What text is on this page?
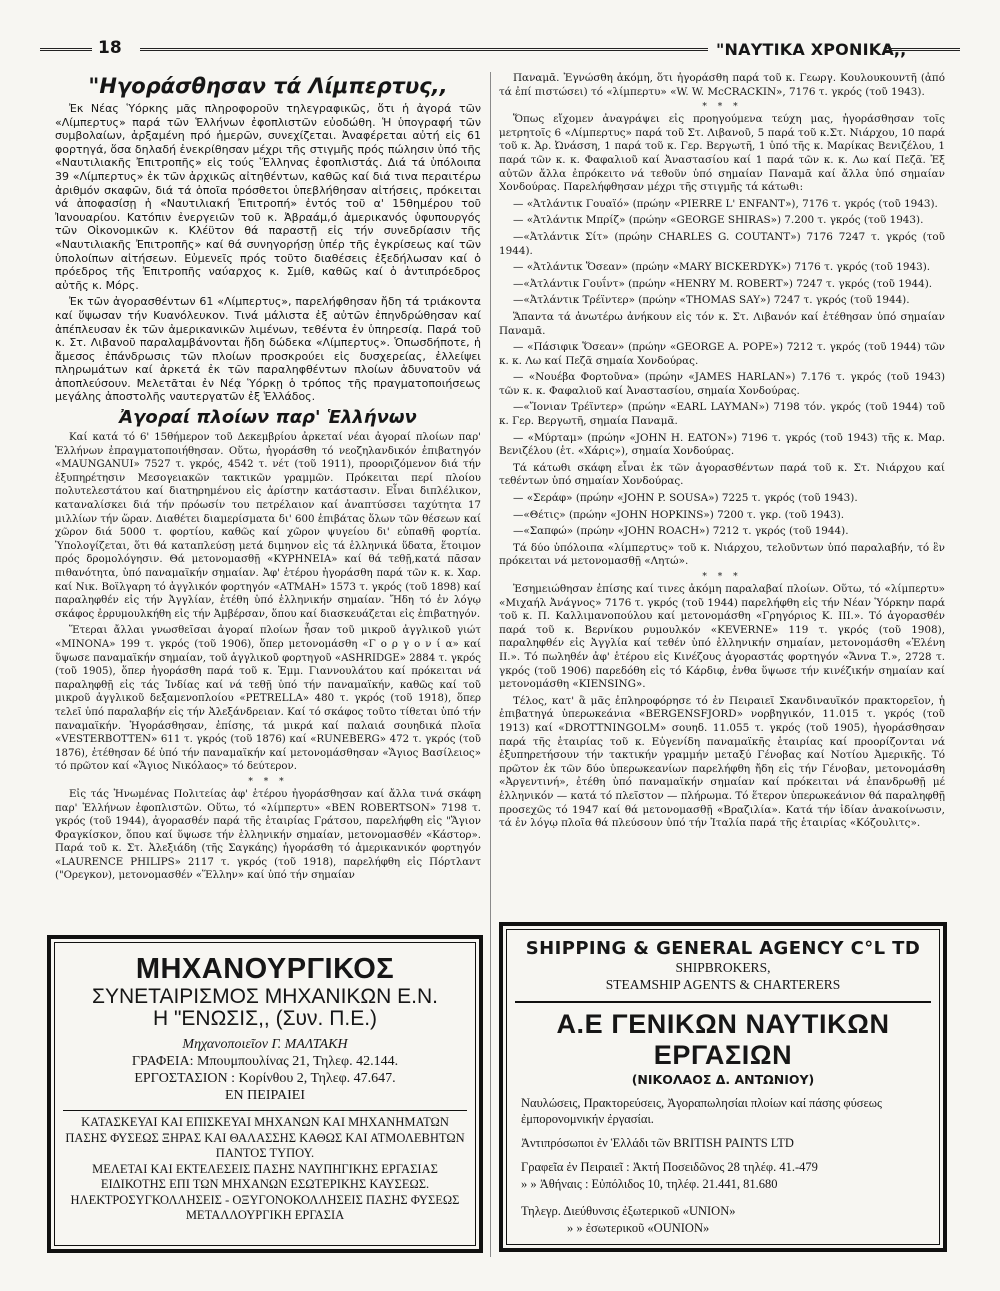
18	"ΝΑΥΤΙΚΑ ΧΡΟΝΙΚΑ,,
"Ηγοράσθησαν τά Λίμπερτυς,,

Ἐκ Νέας Ὑόρκης μᾶς πληροφοροῦν τηλεγραφικῶς, ὅτι ἡ ἀγορά τῶν «Λίμπερτυς» παρά τῶν Ἑλλήνων ἐφοπλιστῶν εὐοδώθη. Ἡ ὑπογραφή τῶν συμβολαίων, ἀρξαμένη πρό ἡμερῶν, συνεχίζεται. Ἀναφέρεται αὐτή εἰς 61 φορτηγά, ὅσα δηλαδή ἐνεκρίθησαν μέχρι τῆς στιγμῆς πρός πώλησιν ὑπό τῆς «Ναυτιλιακῆς Ἐπιτροπῆς» εἰς τούς Ἕλληνας ἐφοπλιστάς. Διά τά ὑπόλοιπα 39 «Λίμπερτυς» ἐκ τῶν ἀρχικῶς αἰτηθέντων, καθῶς καί διά τινα περαιτέρω ἀριθμόν σκαφῶν, διά τά ὁποῖα πρόσθετοι ὑπεβλήθησαν αἰτήσεις, πρόκειται νά ἀποφασίσῃ ἡ «Ναυτιλιακή Ἐπιτροπή» ἐντός τοῦ α' 15θημέρου τοῦ Ἰανουαρίου. Κατόπιν ἐνεργειῶν τοῦ κ. Ἀβραάμ,ό ἀμερικανός ὑφυπουργός τῶν Οἰκονομικῶν κ. Κλέϋτον θά παραστῇ εἰς τήν συνεδρίασιν τῆς «Ναυτιλιακῆς Ἐπιτροπῆς» καί θά συνηγορήσῃ ὑπέρ τῆς ἐγκρίσεως καί τῶν ὑπολοίπων αἰτήσεων. Εὐμενεῖς πρός τοῦτο διαθέσεις ἐξεδήλωσαν καί ὁ πρόεδρος τῆς Ἐπιτροπῆς ναύαρχος κ. Σμίθ, καθῶς καί ὁ ἀντιπρόεδρος αὐτῆς κ. Μόρς.

Ἐκ τῶν ἀγορασθέντων 61 «Λίμπερτυς», παρελήφθησαν ἤδη τά τριάκοντα καί ὕψωσαν τήν Κυανόλευκον. Τινά μάλιστα ἐξ αὐτῶν ἐπηνδρώθησαν καί ἀπέπλευσαν ἐκ τῶν ἀμερικανικῶν λιμένων, τεθέντα ἐν ὑπηρεσίᾳ. Παρά τοῦ κ. Στ. Λιβανοῦ παραλαμβάνονται ἤδη δώδεκα «Λίμπερτυς». Ὁπωσδήποτε, ἡ ἄμεσος ἐπάνδρωσις τῶν πλοίων προσκρούει εἰς δυσχερείας, ἐλλείψει πληρωμάτων καί ἀρκετά ἐκ τῶν παραληφθέντων πλοίων ἀδυνατοῦν νά ἀποπλεύσουν. Μελετᾶται ἐν Νέᾳ Ὑόρκῃ ὁ τρόπος τῆς πραγματοποιήσεως μεγάλης ἀποστολῆς ναυτεργατῶν ἐξ Ἑλλάδος.

Ἀγοραί πλοίων παρ' Ἑλλήνων

Καί κατά τό 6' 15θήμερον τοῦ Δεκεμβρίου ἀρκεταί νέαι ἀγοραί πλοίων παρ' Ἑλλήνων ἐπραγματοποιήθησαν. Οὕτω, ἠγοράσθη τό νεοζηλανδικόν ἐπιβατηγόν «MAUNGANUI» 7527 τ. γκρός, 4542 τ. νέτ (τοῦ 1911), προοριζόμενον διά τήν ἐξυπηρέτησιν Μεσογειακῶν τακτικῶν γραμμῶν. Πρόκειται περί πλοίου πολυτελεστάτου καί διατηρημένου εἰς ἀρίστην κατάστασιν. Εἶναι διπλέλικον, καταναλίσκει διά τήν πρόωσίν του πετρέλαιον καί ἀναπτύσσει ταχύτητα 17 μιλλίων τήν ὥραν. Διαθέτει διαμερίσματα δι' 600 ἐπιβάτας ὅλων τῶν θέσεων καί χῶρον διά 5000 τ. φορτίου, καθῶς καί χῶρον ψυγείου δι' εὐπαθῆ φορτία. Ὑπολογίζεται, ὅτι θά καταπλεύσῃ μετά διμηνον εἰς τά ἑλληνικά ὕδατα, ἕτοιμον πρός δρομολόγησιν. Θά μετονομασθῇ «ΚΥΡΗΝΕΙΑ» καί θά τεθῇ,κατά πᾶσαν πιθανότητα, ὑπό παναμαϊκήν σημαίαν. Ἀφ' ἑτέρου ἠγοράσθη παρά τῶν κ. κ. Χαρ. καί Νικ. Βοϊλγαρη τό ἀγγλικόν φορτηγόν «ΑΤΜΑΗ» 1573 τ. γκρός (τοῦ 1898) καί παραληφθέν εἰς τήν Ἀγγλίαν, ἐτέθη ὑπό ἑλληνικήν σημαίαν. Ἤδη τό ἐν λόγῳ σκάφος ἐρρυμουλκήθη εἰς τήν Ἀμβέρσαν, ὅπου καί διασκευάζεται εἰς ἐπιβατηγόν.

Ἕτεραι ἄλλαι γνωσθεῖσαι ἀγοραί πλοίων ἦσαν τοῦ μικροῦ ἀγγλικοῦ γιώτ «ΜΙΝΟΝΑ» 199 τ. γκρός (τοῦ 1906), ὅπερ μετονομάσθη «Γ ο ρ γ ο ν ί α» καί ὕψωσε παναμαϊκήν σημαίαν, τοῦ ἀγγλικοῦ φορτηγοῦ «ASHRIDGE» 2884 τ. γκρός (τοῦ 1905), ὅπερ ἠγοράσθη παρά τοῦ κ. Ἐμμ. Γιαννουλάτου καί πρόκειται νά παραληφθῇ εἰς τάς Ἰνδίας καί νά τεθῇ ὑπό τήν παναμαϊκήν, καθῶς καί τοῦ μικροῦ ἀγγλικοῦ δεξαμενοπλοίου «PETRELLA» 480 τ. γκρός (τοῦ 1918), ὅπερ τελεῖ ὑπό παραλαβήν εἰς τήν Ἀλεξάνδρειαν. Καί τό σκάφος τοῦτο τίθεται ὑπό τήν παναμαϊκήν. Ἠγοράσθησαν, ἐπίσης, τά μικρά καί παλαιά σουηδικά πλοῖα «VESTERBOTTEN» 611 τ. γκρός (τοῦ 1876) καί «RUNEBERG» 472 τ. γκρός (τοῦ 1876), ἐτέθησαν δέ ὑπό τήν παναμαϊκήν καί μετονομάσθησαν «Ἅγιος Βασίλειος» τό πρῶτον καί «Ἅγιος Νικόλαος» τό δεύτερον.

* * *

Εἰς τάς Ἡνωμένας Πολιτείας ἀφ' ἑτέρου ἠγοράσθησαν καί ἄλλα τινά σκάφη παρ' Ἑλλήνων ἐφοπλιστῶν. Οὕτω, τό «λίμπερτυ» «BEN ROBERTSON» 7198 τ. γκρός (τοῦ 1944), ἀγορασθέν παρά τῆς ἑταιρίας Γράτσου, παρελήφθη εἰς "Ἅγιον Φραγκίσκον, ὅπου καί ὕψωσε τήν ἑλληνικήν σημαίαν, μετονομασθέν «Κάστορ». Παρά τοῦ κ. Στ. Ἀλεξιάδη (τῆς Σαγκάης) ἠγοράσθη τό ἀμερικανικόν φορτηγόν «LAURENCE PHILIPS» 2117 τ. γκρός (τοῦ 1918), παρελήφθη εἰς Πόρτλαντ ("Ορεγκον), μετονομασθέν «Ἕλλην» καί ὑπό τήν σημαίαν

Παναμᾶ. Ἐγνώσθη ἀκόμη, ὅτι ἠγοράσθη παρά τοῦ κ. Γεωργ. Κουλουκουντῆ (ἀπό τά ἐπί πιστώσει) τό «λίμπερτυ» «W. W. McCRACKIN», 7176 τ. γκρός (τοῦ 1943).

* * *

Ὅπως εἴχομεν ἀναγράψει εἰς προηγούμενα τεύχη μας, ἠγοράσθησαν τοῖς μετρητοῖς 6 «Λίμπερτυς» παρά τοῦ Στ. Λιβανοῦ, 5 παρά τοῦ κ.Στ. Νιάρχου, 10 παρά τοῦ κ. Ἀρ. Ὠνάσση, 1 παρά τοῦ κ. Γερ. Βεργωτῆ, 1 ὑπό τῆς κ. Μαρίκας Βενιζέλου, 1 παρά τῶν κ. κ. Φαφαλιοῦ καί Ἀναστασίου καί 1 παρά τῶν κ. κ. Λω καί Πεζᾶ. Ἐξ αὐτῶν ἄλλα ἐπρόκειτο νά τεθοῦν ὑπό σημαίαν Παναμᾶ καί ἄλλα ὑπό σημαίαν Χονδούρας. Παρελήφθησαν μέχρι τῆς στιγμῆς τά κάτωθι:

— «Ἀτλάντικ Γουαϊό» (πρώην «PIERRE L' ENFANT»), 7176 τ. γκρός (τοῦ 1943).

— «Ἀτλάντικ Μπρίζ» (πρώην «GEORGE SHIRAS») 7.200 τ. γκρός (τοῦ 1943).

—«Ἀτλάντικ Σίτ» (πρώην CHARLES G. COUTANT») 7176 7247 τ. γκρός (τοῦ 1944).

— «Ἀτλάντικ Ὅσεαν» (πρώην «MARY BICKERDYK») 7176 τ. γκρός (τοῦ 1943).

—«Ἀτλάντικ Γουΐντ» (πρώην «HENRY M. ROBERT») 7247 τ. γκρός (τοῦ 1944).

—«Ἀτλάντικ Τρέϊντερ» (πρώην «THOMAS SAY») 7247 τ. γκρός (τοῦ 1944).

Ἅπαντα τά ἀνωτέρω ἀνήκουν εἰς τόν κ. Στ. Λιβανόν καί ἐτέθησαν ὑπό σημαίαν Παναμᾶ.

— «Πάσιφικ Ὅσεαν» (πρώην «GEORGE A. POPE») 7212 τ. γκρός (τοῦ 1944) τῶν κ. κ. Λω καί Πεζᾶ σημαία Χονδούρας.

— «Νουέβα Φορτοῦνα» (πρώην «JAMES HARLAN») 7.176 τ. γκρός (τοῦ 1943) τῶν κ. κ. Φαφαλιοῦ καί Ἀναστασίου, σημαία Χονδούρας.

—«Ἴονιαν Τρέϊντερ» (πρώην «EARL LAYMAN») 7198 τόν. γκρός (τοῦ 1944) τοῦ κ. Γερ. Βεργωτῆ, σημαία Παναμᾶ.

— «Μύρταμ» (πρώην «JOHN H. EATON») 7196 τ. γκρός (τοῦ 1943) τῆς κ. Μαρ. Βενιζέλου (ἑτ. «Χάρις»), σημαία Χονδούρας.

Τά κάτωθι σκάφη εἶναι ἐκ τῶν ἀγορασθέντων παρά τοῦ κ. Στ. Νιάρχου καί τεθέντων ὑπό σημαίαν Χονδούρας.

— «Σεράφ» (πρώην «JOHN P. SOUSA») 7225 τ. γκρός (τοῦ 1943).

—«Θέτις» (πρώην «JOHN HOPKINS») 7200 τ. γκρ. (τοῦ 1943).

—«Σαπφώ» (πρώην «JOHN ROACH») 7212 τ. γκρός (τοῦ 1944).

Τά δύο ὑπόλοιπα «λίμπερτυς» τοῦ κ. Νιάρχου, τελοῦντων ὑπό παραλαβήν, τό ἓν πρόκειται νά μετονομασθῇ «Λητώ».

* * *

Ἐσημειώθησαν ἐπίσης καί τινες ἀκόμη παραλαβαί πλοίων. Οὕτω, τό «λίμπερτυ» «Μιχαήλ Ἀνάγνος» 7176 τ. γκρός (τοῦ 1944) παρελήφθη εἰς τήν Νέαν Ὑόρκην παρά τοῦ κ. Π. Καλλιμανοπούλου καί μετονομάσθη «Γρηγόριος Κ. ΙΙΙ.». Τό ἀγορασθέν παρά τοῦ κ. Βερνίκου ρυμουλκόν «KEVERNE» 119 τ. γκρός (τοῦ 1908), παραληφθέν εἰς Ἀγγλία καί τεθέν ὑπό ἑλληνικήν σημαίαν, μετονομάσθη «Ἑλένη ΙΙ.». Τό πωληθέν ἀφ' ἑτέρου εἰς Κινέζους ἀγοραστάς φορτηγόν «Ἄννα Τ.», 2728 τ. γκρός (τοῦ 1906) παρεδόθη εἰς τό Κάρδιφ, ἐνθα ὕψωσε τήν κινέζικήν σημαίαν καί μετονομάσθη «KIENSING».

Τέλος, κατ' ἃ μᾶς ἐπληροφόρησε τό ἐν Πειραιεῖ Σκανδιναυϊκόν πρακτορεῖον, ἡ ἐπιβατηγά ὑπερωκεάνια «BERGENSFJORD» νορβηγικόν, 11.015 τ. γκρός (τοῦ 1913) καί «DROTTNINGOLM» σουηδ. 11.055 τ. γκρός (τοῦ 1905), ἠγοράσθησαν παρά τῆς ἑταιρίας τοῦ κ. Εὐγενίδη παναμαϊκῆς ἑταιρίας καί προορίζονται νά ἐξυπηρετήσουν τήν τακτικήν γραμμήν μεταξύ Γένοβας καί Νοτίου Ἀμερικῆς. Τό πρῶτον ἐκ τῶν δύο ὑπερωκεανίων παρελήφθη ἤδη εἰς τήν Γένοβαν, μετονομάσθη «Ἀργεντινή», ἐτέθη ὑπό παναμαϊκήν σημαίαν καί πρόκειται νά ἐπανδρωθῇ μέ ἑλληνικόν — κατά τό πλεῖστον — πλήρωμα. Τό ἕτερον ὑπερωκεάνιον θά παραληφθῇ προσεχῶς τό 1947 καί θά μετονομασθῇ «Βραζιλία». Κατά τήν ἰδίαν ἀνακοίνωσιν, τά ἐν λόγῳ πλοῖα θά πλεύσουν ὑπό τήν Ἰταλία παρά τῆς ἑταιρίας «Κόζουλιτς».

ΜΗΧΑΝΟΥΡΓΙΚΟΣ
ΣΥΝΕΤΑΙΡΙΣΜΟΣ ΜΗΧΑΝΙΚΩΝ Ε.Ν.
Η "ΕΝΩΣΙΣ,, (Συν. Π.Ε.)
Μηχανοποιεῖον Γ. ΜΑΛΤΑΚΗ
ΓΡΑΦΕΙΑ: Μπουμπουλίνας 21, Τηλεφ. 42.144.
ΕΡΓΟΣΤΑΣΙΟΝ : Κορίνθου 2, Τηλεφ. 47.647.
ΕΝ ΠΕΙΡΑΙΕΙ
ΚΑΤΑΣΚΕΥΑΙ ΚΑΙ ΕΠΙΣΚΕΥΑΙ ΜΗΧΑΝΩΝ ΚΑΙ ΜΗΧΑΝΗΜΑΤΩΝ ΠΑΣΗΣ ΦΥΣΕΩΣ ΞΗΡΑΣ ΚΑΙ ΘΑΛΑΣΣΗΣ ΚΑΘΩΣ ΚΑΙ ΑΤΜΟΛΕΒΗΤΩΝ ΠΑΝΤΟΣ ΤΥΠΟΥ.
ΜΕΛΕΤΑΙ ΚΑΙ ΕΚΤΕΛΕΣΕΙΣ ΠΑΣΗΣ ΝΑΥΠΗΓΙΚΗΣ ΕΡΓΑΣΙΑΣ
ΕΙΔΙΚΟΤΗΣ ΕΠΙ ΤΩΝ ΜΗΧΑΝΩΝ ΕΣΩΤΕΡΙΚΗΣ ΚΑΥΣΕΩΣ.
ΗΛΕΚΤΡΟΣΥΓΚΟΛΛΗΣΕΙΣ - ΟΞΥΓΟΝΟΚΟΛΛΗΣΕΙΣ ΠΑΣΗΣ ΦΥΣΕΩΣ ΜΕΤΑΛΛΟΥΡΓΙΚΗ ΕΡΓΑΣΙΑ
SHIPPING & GENERAL AGENCY C°L TD
SHIPBROKERS,
STEAMSHIP AGENTS & CHARTERERS
Α.Ε ΓΕΝΙΚΩΝ ΝΑΥΤΙΚΩΝ ΕΡΓΑΣΙΩΝ
(ΝΙΚΟΛΑΟΣ Δ. ΑΝΤΩΝΙΟΥ)
Ναυλώσεις, Πρακτορεύσεις, Ἀγοραπωλησίαι πλοίων καί πάσης φύσεως ἐμπορονομνικήν ἐργασίαι.
Ἀντιπρόσωποι ἐν Ἑλλάδι τῶν BRITISH PAINTS LTD
Γραφεῖα ἐν Πειραιεῖ : Ἀκτή Ποσειδῶνος 28 τηλέφ. 41.-479
» » Ἀθήναις : Εὐπόλιδος 10, τηλέφ. 21.441, 81.680
Τηλεγρ. Διεύθυνσις ἐξωτερικοῦ «UNION»
» » ἐσωτερικοῦ «OUNION»
